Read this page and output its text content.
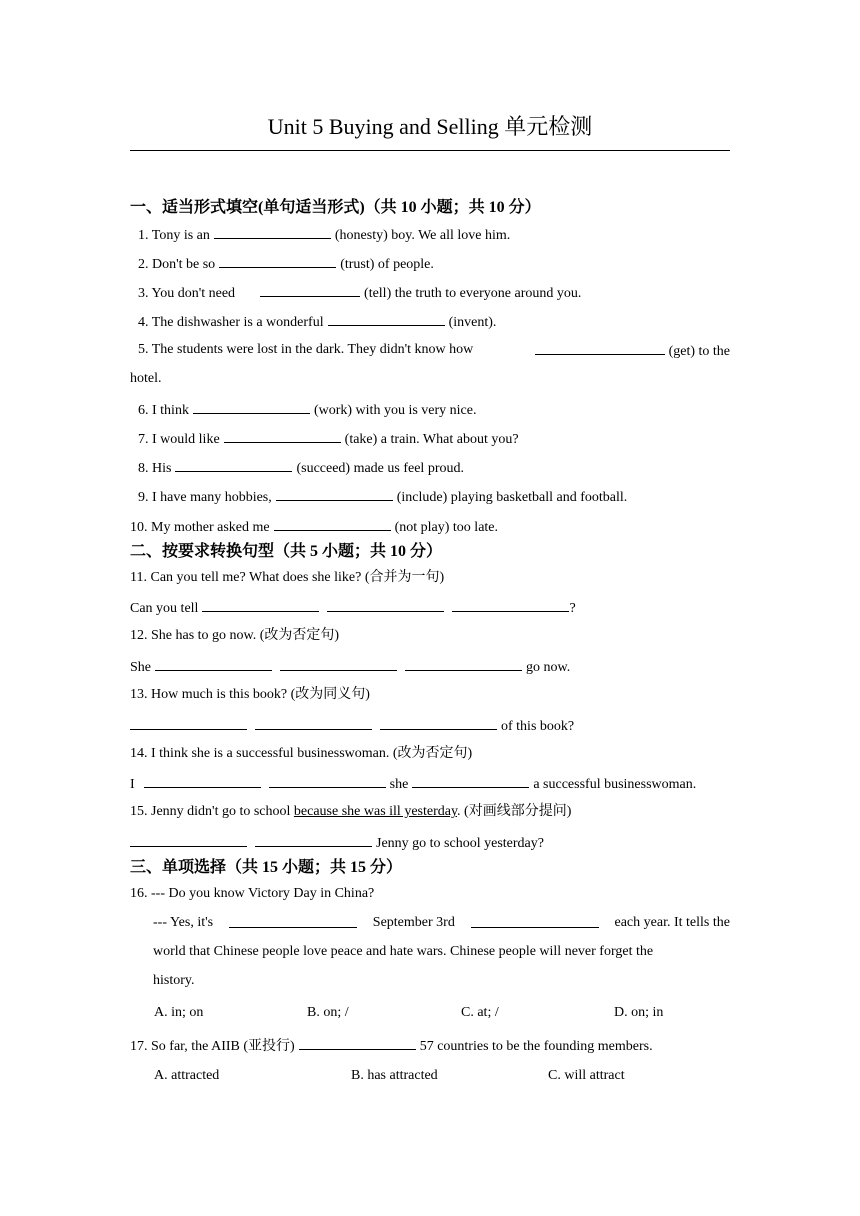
Unit 5 Buying and Selling 单元检测
一、适当形式填空(单句适当形式)（共 10 小题；共 10 分）
1. Tony is an	(honesty) boy. We all love him.
2. Don't be so	(trust) of people.
3. You don't need	(tell) the truth to everyone around you.
4. The dishwasher is a wonderful	(invent).
5. The students were lost in the dark. They didn't know how	(get) to the
hotel.
6. I think	(work) with you is very nice.
7. I would like	(take) a train. What about you?
8. His	(succeed) made us feel proud.
9. I have many hobbies,	(include) playing basketball and football.
10. My mother asked me	(not play) too late.
二、按要求转换句型（共 5 小题；共 10 分）
11. Can you tell me? What does she like? (合并为一句)
Can you tell	?
12. She has to go now. (改为否定句)
She	go now.
13. How much is this book? (改为同义句)
of this book?
14. I think she is a successful businesswoman. (改为否定句)
I	she	a successful businesswoman.
15. Jenny didn't go to school because she was ill yesterday. (对画线部分提问)
Jenny go to school yesterday?
三、单项选择（共 15 小题；共 15 分）
16. --- Do you know Victory Day in China?
--- Yes, it's	September 3rd	each year. It tells the
world that Chinese people love peace and hate wars. Chinese people will never forget the
history.
A. in; on	B. on; /	C. at; /	D. on; in
17. So far, the AIIB (亚投行)	57 countries to be the founding members.
A. attracted	B. has attracted	C. will attract
